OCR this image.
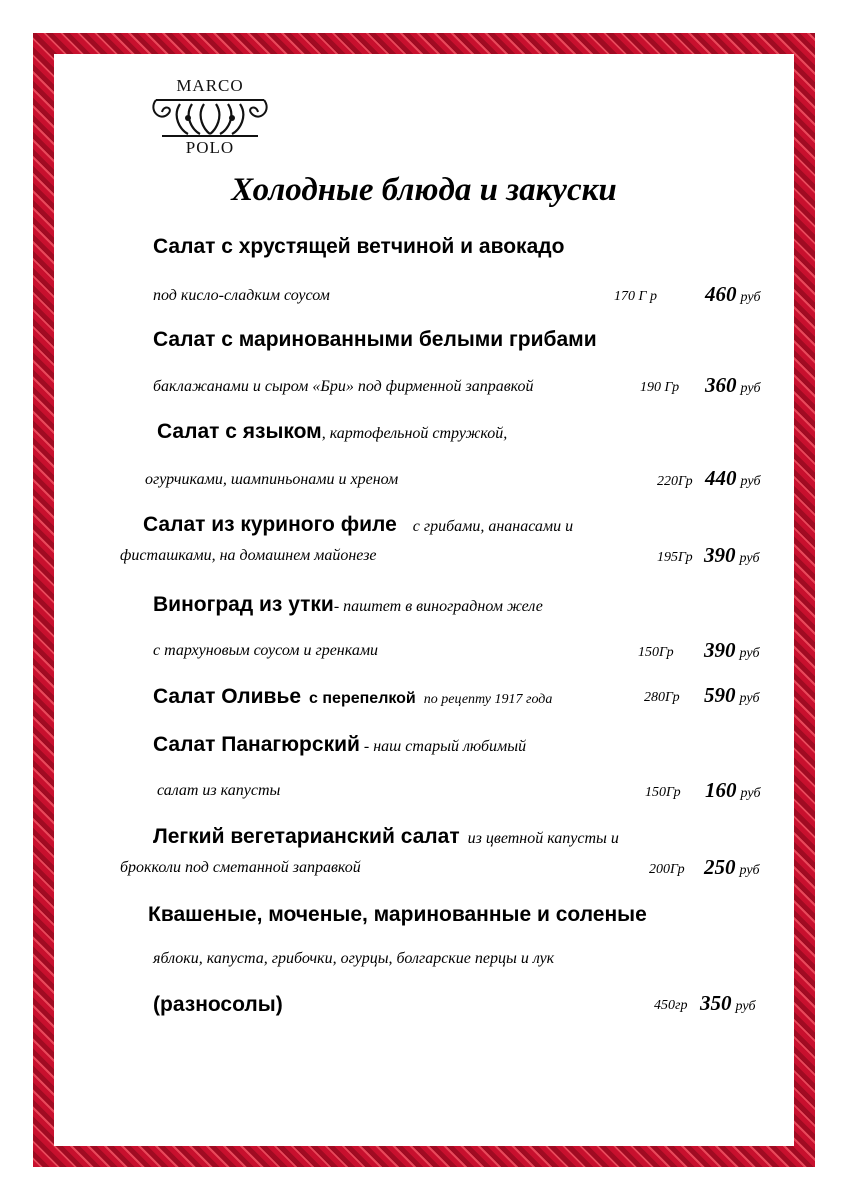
MARCO
POLO
Холодные блюда и закуски
Салат с хрустящей ветчиной и авокадо
под кисло-сладким соусом	170 Г р 460 руб
Салат с маринованными белыми грибами
баклажанами и сыром «Бри» под фирменной заправкой	190 Гр 360 руб
Салат с языком, картофельной стружкой,
огурчиками, шампиньонами и хреном	220Гр 440 руб
Салат из куриного филе с грибами, ананасами и
фисташками, на домашнем майонезе	195Гр 390 руб
Виноград из утки- паштет в виноградном желе
с тархуновым соусом и гренками	150Гр 390 руб
Салат Оливье с перепелкой по рецепту 1917 года	280Гр 590 руб
Салат Панагюрский - наш старый любимый
салат из капусты	150Гр 160 руб
Легкий вегетарианский салат из цветной капусты и
брокколи под сметанной заправкой	200Гр 250 руб
Квашеные, моченые, маринованные и соленые
яблоки, капуста, грибочки, огурцы, болгарские перцы и лук
(разносолы)	450гр 350 руб
